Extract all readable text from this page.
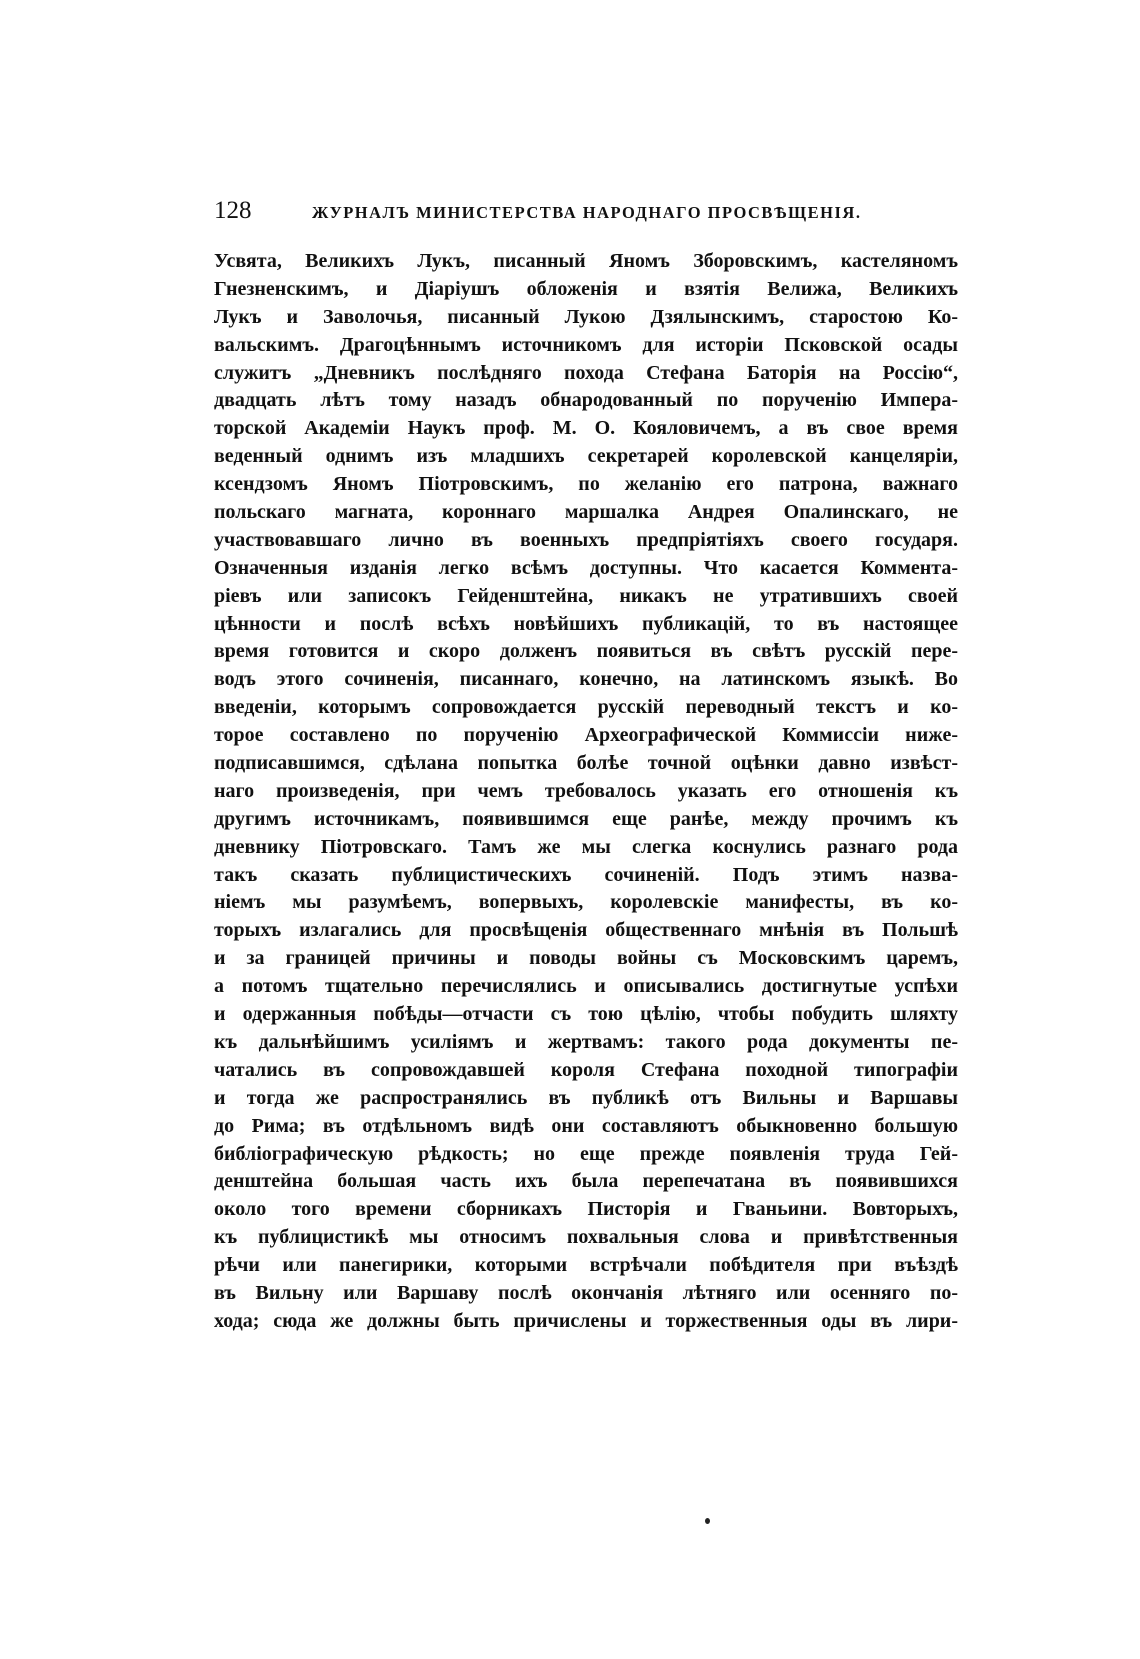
128	ЖУРНАЛЪ МИНИСТЕРСТВА НАРОДНАГО ПРОСВѢЩЕНІЯ.
Усвята, Великихъ Лукъ, писанный Яномъ Зборовскимъ, кастеляномъ
Гнезненскимъ, и Діаріушъ обложенія и взятія Велижа, Великихъ
Лукъ и Заволочья, писанный Лукою Дзялынскимъ, старостою Ко-
вальскимъ. Драгоцѣннымъ источникомъ для исторіи Псковской осады
служитъ „Дневникъ послѣдняго похода Стефана Баторія на Россію“,
двадцать лѣтъ тому назадъ обнародованный по порученію Импера-
торской Академіи Наукъ проф. М. О. Кояловичемъ, а въ свое время
веденный однимъ изъ младшихъ секретарей королевской канцеляріи,
ксендзомъ Яномъ Піотровскимъ, по желанію его патрона, важнаго
польскаго магната, короннаго маршалка Андрея Опалинскаго, не
участвовавшаго лично въ военныхъ предпріятіяхъ своего государя.
Означенныя изданія легко всѣмъ доступны. Что касается Коммента-
ріевъ или записокъ Гейденштейна, никакъ не утратившихъ своей
цѣнности и послѣ всѣхъ новѣйшихъ публикацій, то въ настоящее
время готовится и скоро долженъ появиться въ свѣтъ русскій пере-
водъ этого сочиненія, писаннаго, конечно, на латинскомъ языкѣ. Во
введеніи, которымъ сопровождается русскій переводный текстъ и ко-
торое составлено по порученію Археографической Коммиссіи ниже-
подписавшимся, сдѣлана попытка болѣе точной оцѣнки давно извѣст-
наго произведенія, при чемъ требовалось указать его отношенія къ
другимъ источникамъ, появившимся еще ранѣе, между прочимъ къ
дневнику Піотровскаго. Тамъ же мы слегка коснулись разнаго рода
такъ сказать публицистическихъ сочиненій. Подъ этимъ назва-
ніемъ мы разумѣемъ, вопервыхъ, королевскіе манифесты, въ ко-
торыхъ излагались для просвѣщенія общественнаго мнѣнія въ Польшѣ
и за границей причины и поводы войны съ Московскимъ царемъ,
а потомъ тщательно перечислялись и описывались достигнутые успѣхи
и одержанныя побѣды—отчасти съ тою цѣлію, чтобы побудить шляхту
къ дальнѣйшимъ усиліямъ и жертвамъ: такого рода документы пе-
чатались въ сопровождавшей короля Стефана походной типографіи
и тогда же распространялись въ публикѣ отъ Вильны и Варшавы
до Рима; въ отдѣльномъ видѣ они составляютъ обыкновенно большую
библіографическую рѣдкость; но еще прежде появленія труда Гей-
денштейна большая часть ихъ была перепечатана въ появившихся
около того времени сборникахъ Писторія и Гваньини. Вовторыхъ,
къ публицистикѣ мы относимъ похвальныя слова и привѣтственныя
рѣчи или панегирики, которыми встрѣчали побѣдителя при въѣздѣ
въ Вильну или Варшаву послѣ окончанія лѣтняго или осенняго по-
хода; сюда же должны быть причислены и торжественныя оды въ лири-
